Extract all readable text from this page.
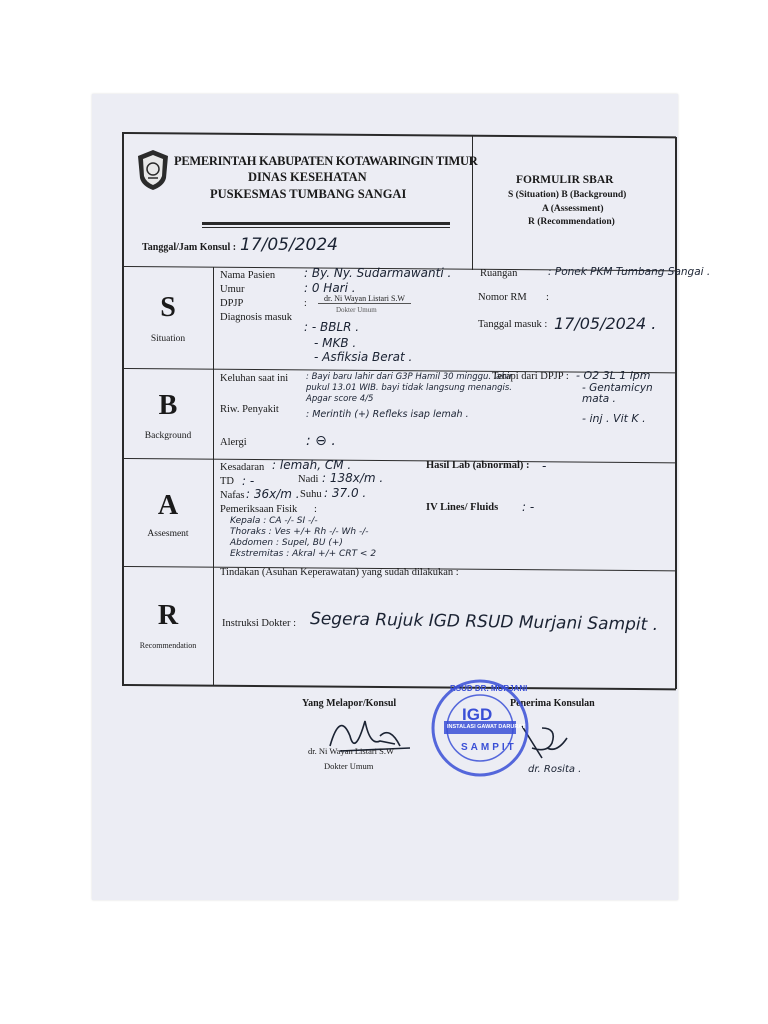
PEMERINTAH KABUPATEN KOTAWARINGIN TIMUR
DINAS KESEHATAN
PUSKESMAS TUMBANG SANGAI
FORMULIR SBAR
S (Situation) B (Background)
A (Assessment)
R (Recommendation)
Tanggal/Jam Konsul : 17/05/2024
S
Situation
Nama Pasien : By. Ny. Sudarmawanti .
Umur	: 0 Hari .
DPJP	:	dr. Ni Wayan Listari S.W
Dokter Umum
Diagnosis masuk
: - BBLR .
- MKB .
- Asfiksia Berat .
Ruangan	: Ponek PKM Tumbang Sangai .
Nomor RM :
Tanggal masuk : 17/05/2024 .
B
Background
Keluhan saat ini : Bayi baru lahir dari G3P Hamil 30 minggu. lahir pukul 13.01 WIB. bayi tidak langsung menangis. Apgar score 4/5
Riw. Penyakit	: Merintih (+) Refleks isap lemah .
Alergi	: ⊖ .
Terapi dari DPJP : - O2 3L 1 lpm
- Gentamicyn mata .
- inj . Vit K .
A
Assesment
Kesadaran : lemah, CM .	Hasil Lab (abnormal) : -
TD : -	Nadi : 138x/m .
Nafas : 36x/m . Suhu : 37.0 .
Pemeriksaan Fisik :	IV Lines/ Fluids : -
Kepala : CA -/- SI -/-
Thoraks : Ves +/+ Rh -/- Wh -/-
Abdomen : Supel, BU (+)
Ekstremitas : Akral +/+ CRT < 2
R
Recommendation
Tindakan (Asuhan Keperawatan) yang sudah dilakukan :
Instruksi Dokter : Segera Rujuk IGD RSUD Murjani Sampit .
Yang Melapor/Konsul
dr. Ni Wayan Listari S.W
Dokter Umum
Penerima Konsulan
dr. Rosita .
RSUD DR. MURJANI
IGD
INSTALASI GAWAT DARURAT
SAMPIT
